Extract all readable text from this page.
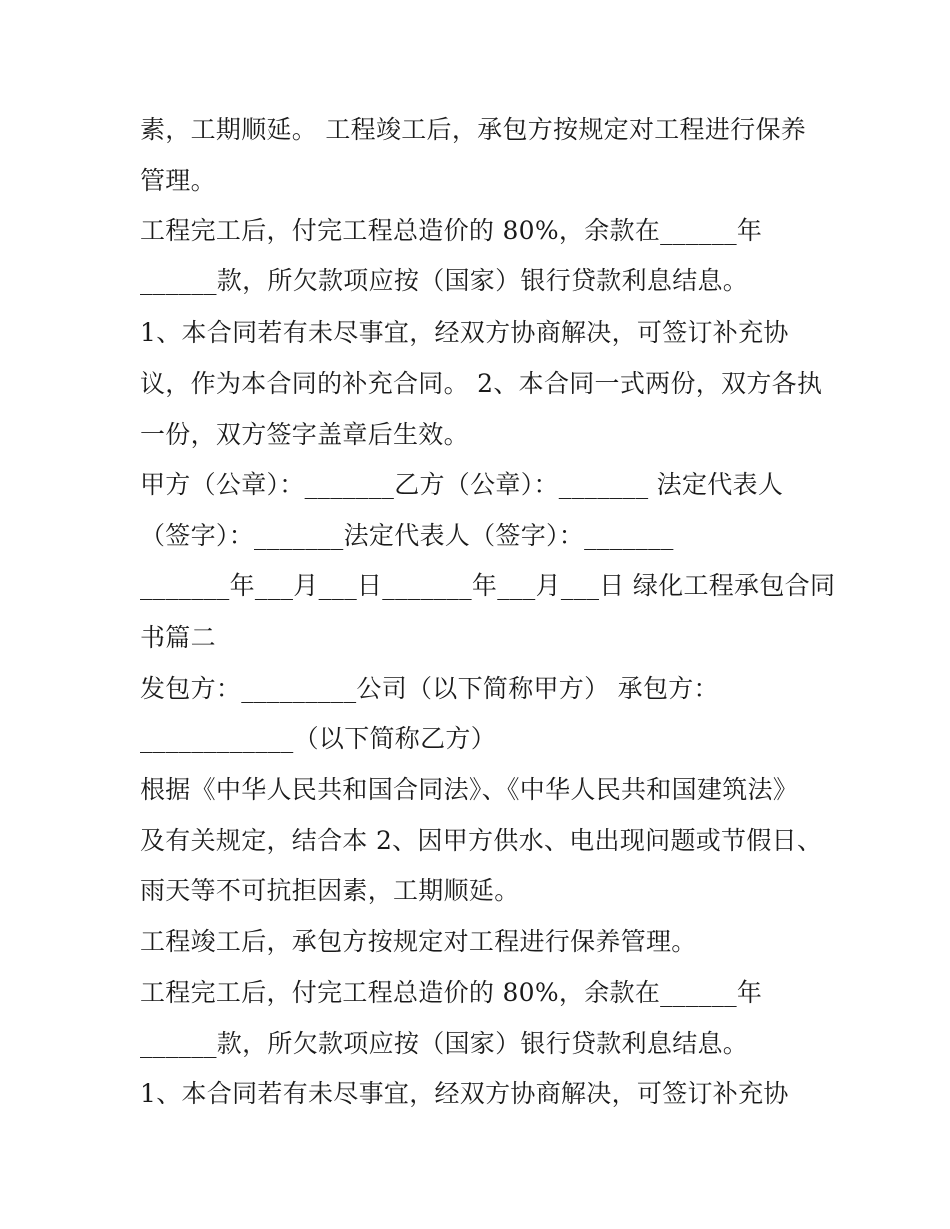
素，工期顺延。 工程竣工后，承包方按规定对工程进行保养
管理。
工程完工后，付完工程总造价的 80%，余款在______年
______款，所欠款项应按（国家）银行贷款利息结息。
1、本合同若有未尽事宜，经双方协商解决，可签订补充协
议，作为本合同的补充合同。 2、本合同一式两份，双方各执
一份，双方签字盖章后生效。
甲方（公章）：_______乙方（公章）：_______ 法定代表人
（签字）：_______法定代表人（签字）：_______
_______年___月___日_______年___月___日 绿化工程承包合同
书篇二
发包方：_________公司（以下简称甲方） 承包方：
____________（以下简称乙方）
根据《中华人民共和国合同法》、《中华人民共和国建筑法》
及有关规定，结合本 2、因甲方供水、电出现问题或节假日、
雨天等不可抗拒因素，工期顺延。
工程竣工后，承包方按规定对工程进行保养管理。
工程完工后，付完工程总造价的 80%，余款在______年
______款，所欠款项应按（国家）银行贷款利息结息。
1、本合同若有未尽事宜，经双方协商解决，可签订补充协
